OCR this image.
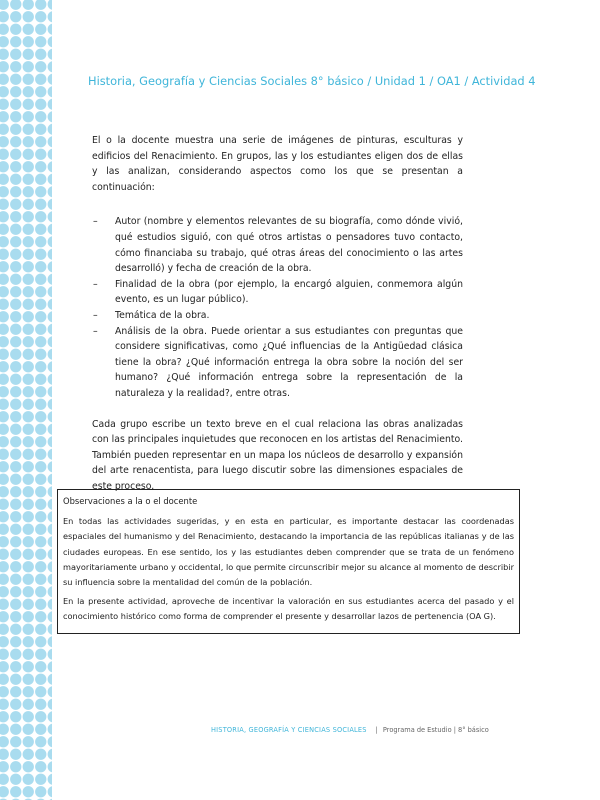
Historia, Geografía y Ciencias Sociales 8° básico / Unidad 1 / OA1 / Actividad 4

El o la docente muestra una serie de imágenes de pinturas, esculturas y edificios del Renacimiento. En grupos, las y los estudiantes eligen dos de ellas y las analizan, considerando aspectos como los que se presentan a continuación:

– Autor (nombre y elementos relevantes de su biografía, como dónde vivió, qué estudios siguió, con qué otros artistas o pensadores tuvo contacto, cómo financiaba su trabajo, qué otras áreas del conocimiento o las artes desarrolló) y fecha de creación de la obra.
– Finalidad de la obra (por ejemplo, la encargó alguien, conmemora algún evento, es un lugar público).
– Temática de la obra.
– Análisis de la obra. Puede orientar a sus estudiantes con preguntas que considere significativas, como ¿Qué influencias de la Antigüedad clásica tiene la obra? ¿Qué información entrega la obra sobre la noción del ser humano? ¿Qué información entrega sobre la representación de la naturaleza y la realidad?, entre otras.

Cada grupo escribe un texto breve en el cual relaciona las obras analizadas con las principales inquietudes que reconocen en los artistas del Renacimiento. También pueden representar en un mapa los núcleos de desarrollo y expansión del arte renacentista, para luego discutir sobre las dimensiones espaciales de este proceso.

Observaciones a la o el docente

En todas las actividades sugeridas, y en esta en particular, es importante destacar las coordenadas espaciales del humanismo y del Renacimiento, destacando la importancia de las repúblicas italianas y de las ciudades europeas. En ese sentido, los y las estudiantes deben comprender que se trata de un fenómeno mayoritariamente urbano y occidental, lo que permite circunscribir mejor su alcance al momento de describir su influencia sobre la mentalidad del común de la población.

En la presente actividad, aproveche de incentivar la valoración en sus estudiantes acerca del pasado y el conocimiento histórico como forma de comprender el presente y desarrollar lazos de pertenencia (OA G).

HISTORIA, GEOGRAFÍA Y CIENCIAS SOCIALES | Programa de Estudio | 8° básico
